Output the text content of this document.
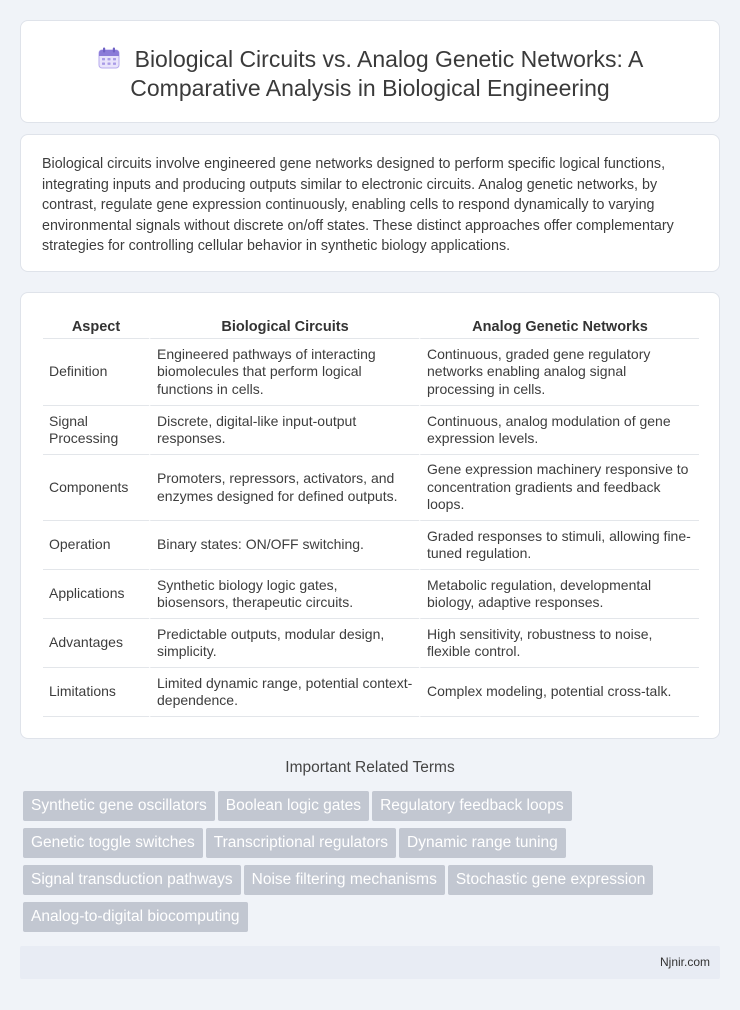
Biological Circuits vs. Analog Genetic Networks: A Comparative Analysis in Biological Engineering

Biological circuits involve engineered gene networks designed to perform specific logical functions, integrating inputs and producing outputs similar to electronic circuits. Analog genetic networks, by contrast, regulate gene expression continuously, enabling cells to respond dynamically to varying environmental signals without discrete on/off states. These distinct approaches offer complementary strategies for controlling cellular behavior in synthetic biology applications.

Aspect	Biological Circuits	Analog Genetic Networks
Definition	Engineered pathways of interacting biomolecules that perform logical functions in cells.	Continuous, graded gene regulatory networks enabling analog signal processing in cells.
Signal Processing	Discrete, digital-like input-output responses.	Continuous, analog modulation of gene expression levels.
Components	Promoters, repressors, activators, and enzymes designed for defined outputs.	Gene expression machinery responsive to concentration gradients and feedback loops.
Operation	Binary states: ON/OFF switching.	Graded responses to stimuli, allowing fine-tuned regulation.
Applications	Synthetic biology logic gates, biosensors, therapeutic circuits.	Metabolic regulation, developmental biology, adaptive responses.
Advantages	Predictable outputs, modular design, simplicity.	High sensitivity, robustness to noise, flexible control.
Limitations	Limited dynamic range, potential context-dependence.	Complex modeling, potential cross-talk.
Important Related Terms
Synthetic gene oscillators Boolean logic gates Regulatory feedback loops
Genetic toggle switches Transcriptional regulators Dynamic range tuning
Signal transduction pathways Noise filtering mechanisms Stochastic gene expression
Analog-to-digital biocomputing
Njnir.com
